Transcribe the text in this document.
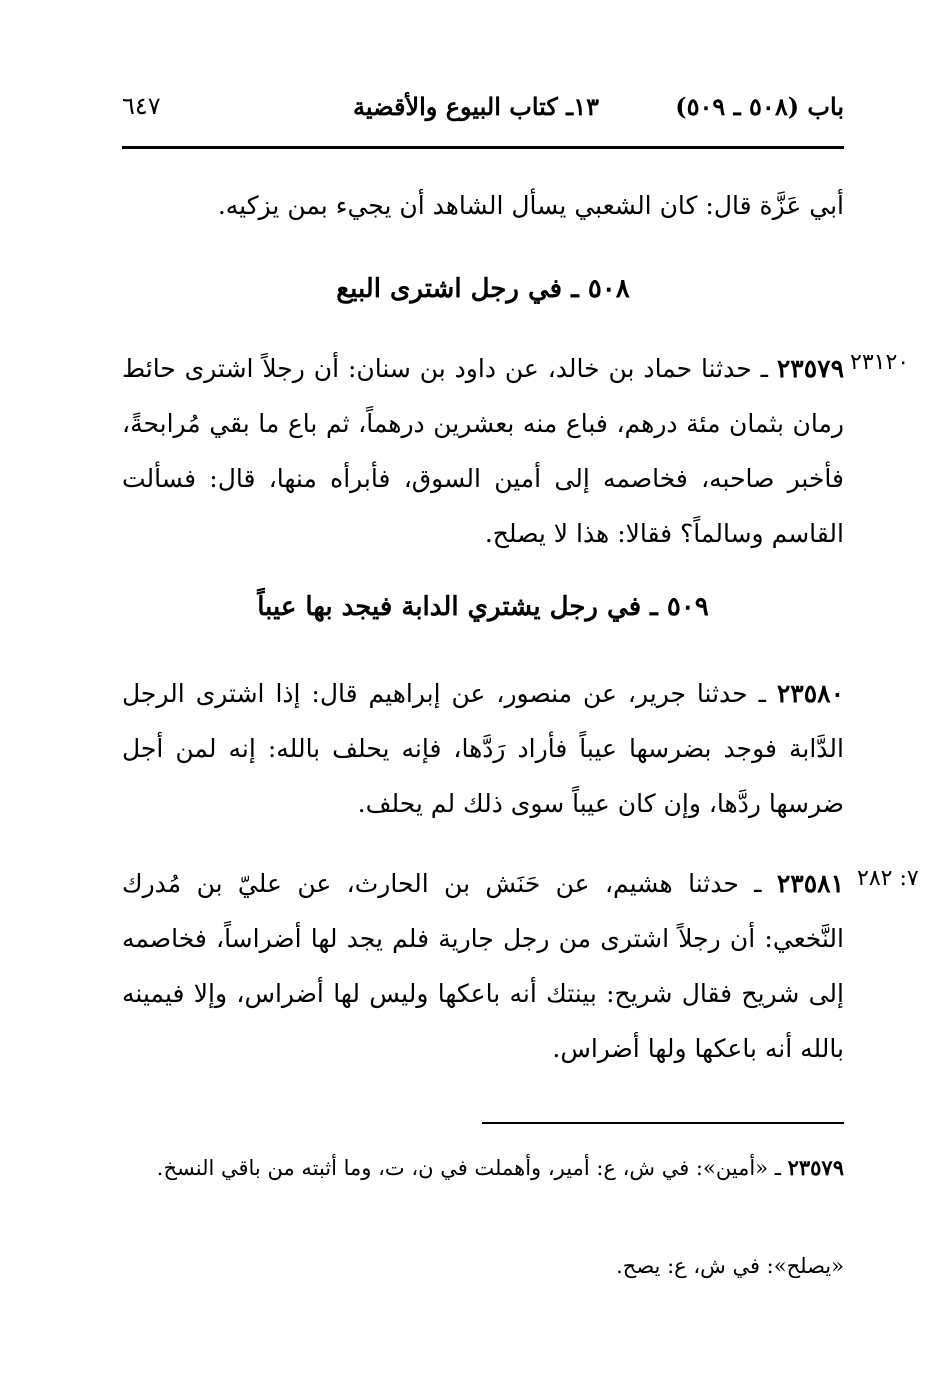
باب (٥٠٨ ـ ٥٠٩)
١٣ـ كتاب البيوع والأقضية
٦٤٧
أبي عَزَّة قال: كان الشعبي يسأل الشاهد أن يجيء بمن يزكيه.
٥٠٨ ـ في رجل اشترى البيع
٢٣١٢٠
٢٣٥٧٩ ـ حدثنا حماد بن خالد، عن داود بن سنان: أن رجلاً اشترى حائط رمان بثمان مئة درهم، فباع منه بعشرين درهماً، ثم باع ما بقي مُرابحةً، فأخبر صاحبه، فخاصمه إلى أمين السوق، فأبرأه منها، قال: فسألت القاسم وسالماً؟ فقالا: هذا لا يصلح.
٥٠٩ ـ في رجل يشتري الدابة فيجد بها عيباً
٢٣٥٨٠ ـ حدثنا جرير، عن منصور، عن إبراهيم قال: إذا اشترى الرجل الدَّابة فوجد بضرسها عيباً فأراد رَدَّها، فإنه يحلف بالله: إنه لمن أجل ضرسها ردَّها، وإن كان عيباً سوى ذلك لم يحلف.
٧: ٢٨٢
٢٣٥٨١ ـ حدثنا هشيم، عن حَنَش بن الحارث، عن عليّ بن مُدرك النَّخعي: أن رجلاً اشترى من رجل جارية فلم يجد لها أضراساً، فخاصمه إلى شريح فقال شريح: بينتك أنه باعكها وليس لها أضراس، وإلا فيمينه بالله أنه باعكها ولها أضراس.
٢٣٥٧٩ ـ «أمين»: في ش، ع: أمير، وأهملت في ن، ت، وما أثبته من باقي النسخ.
«يصلح»: في ش، ع: يصح.
